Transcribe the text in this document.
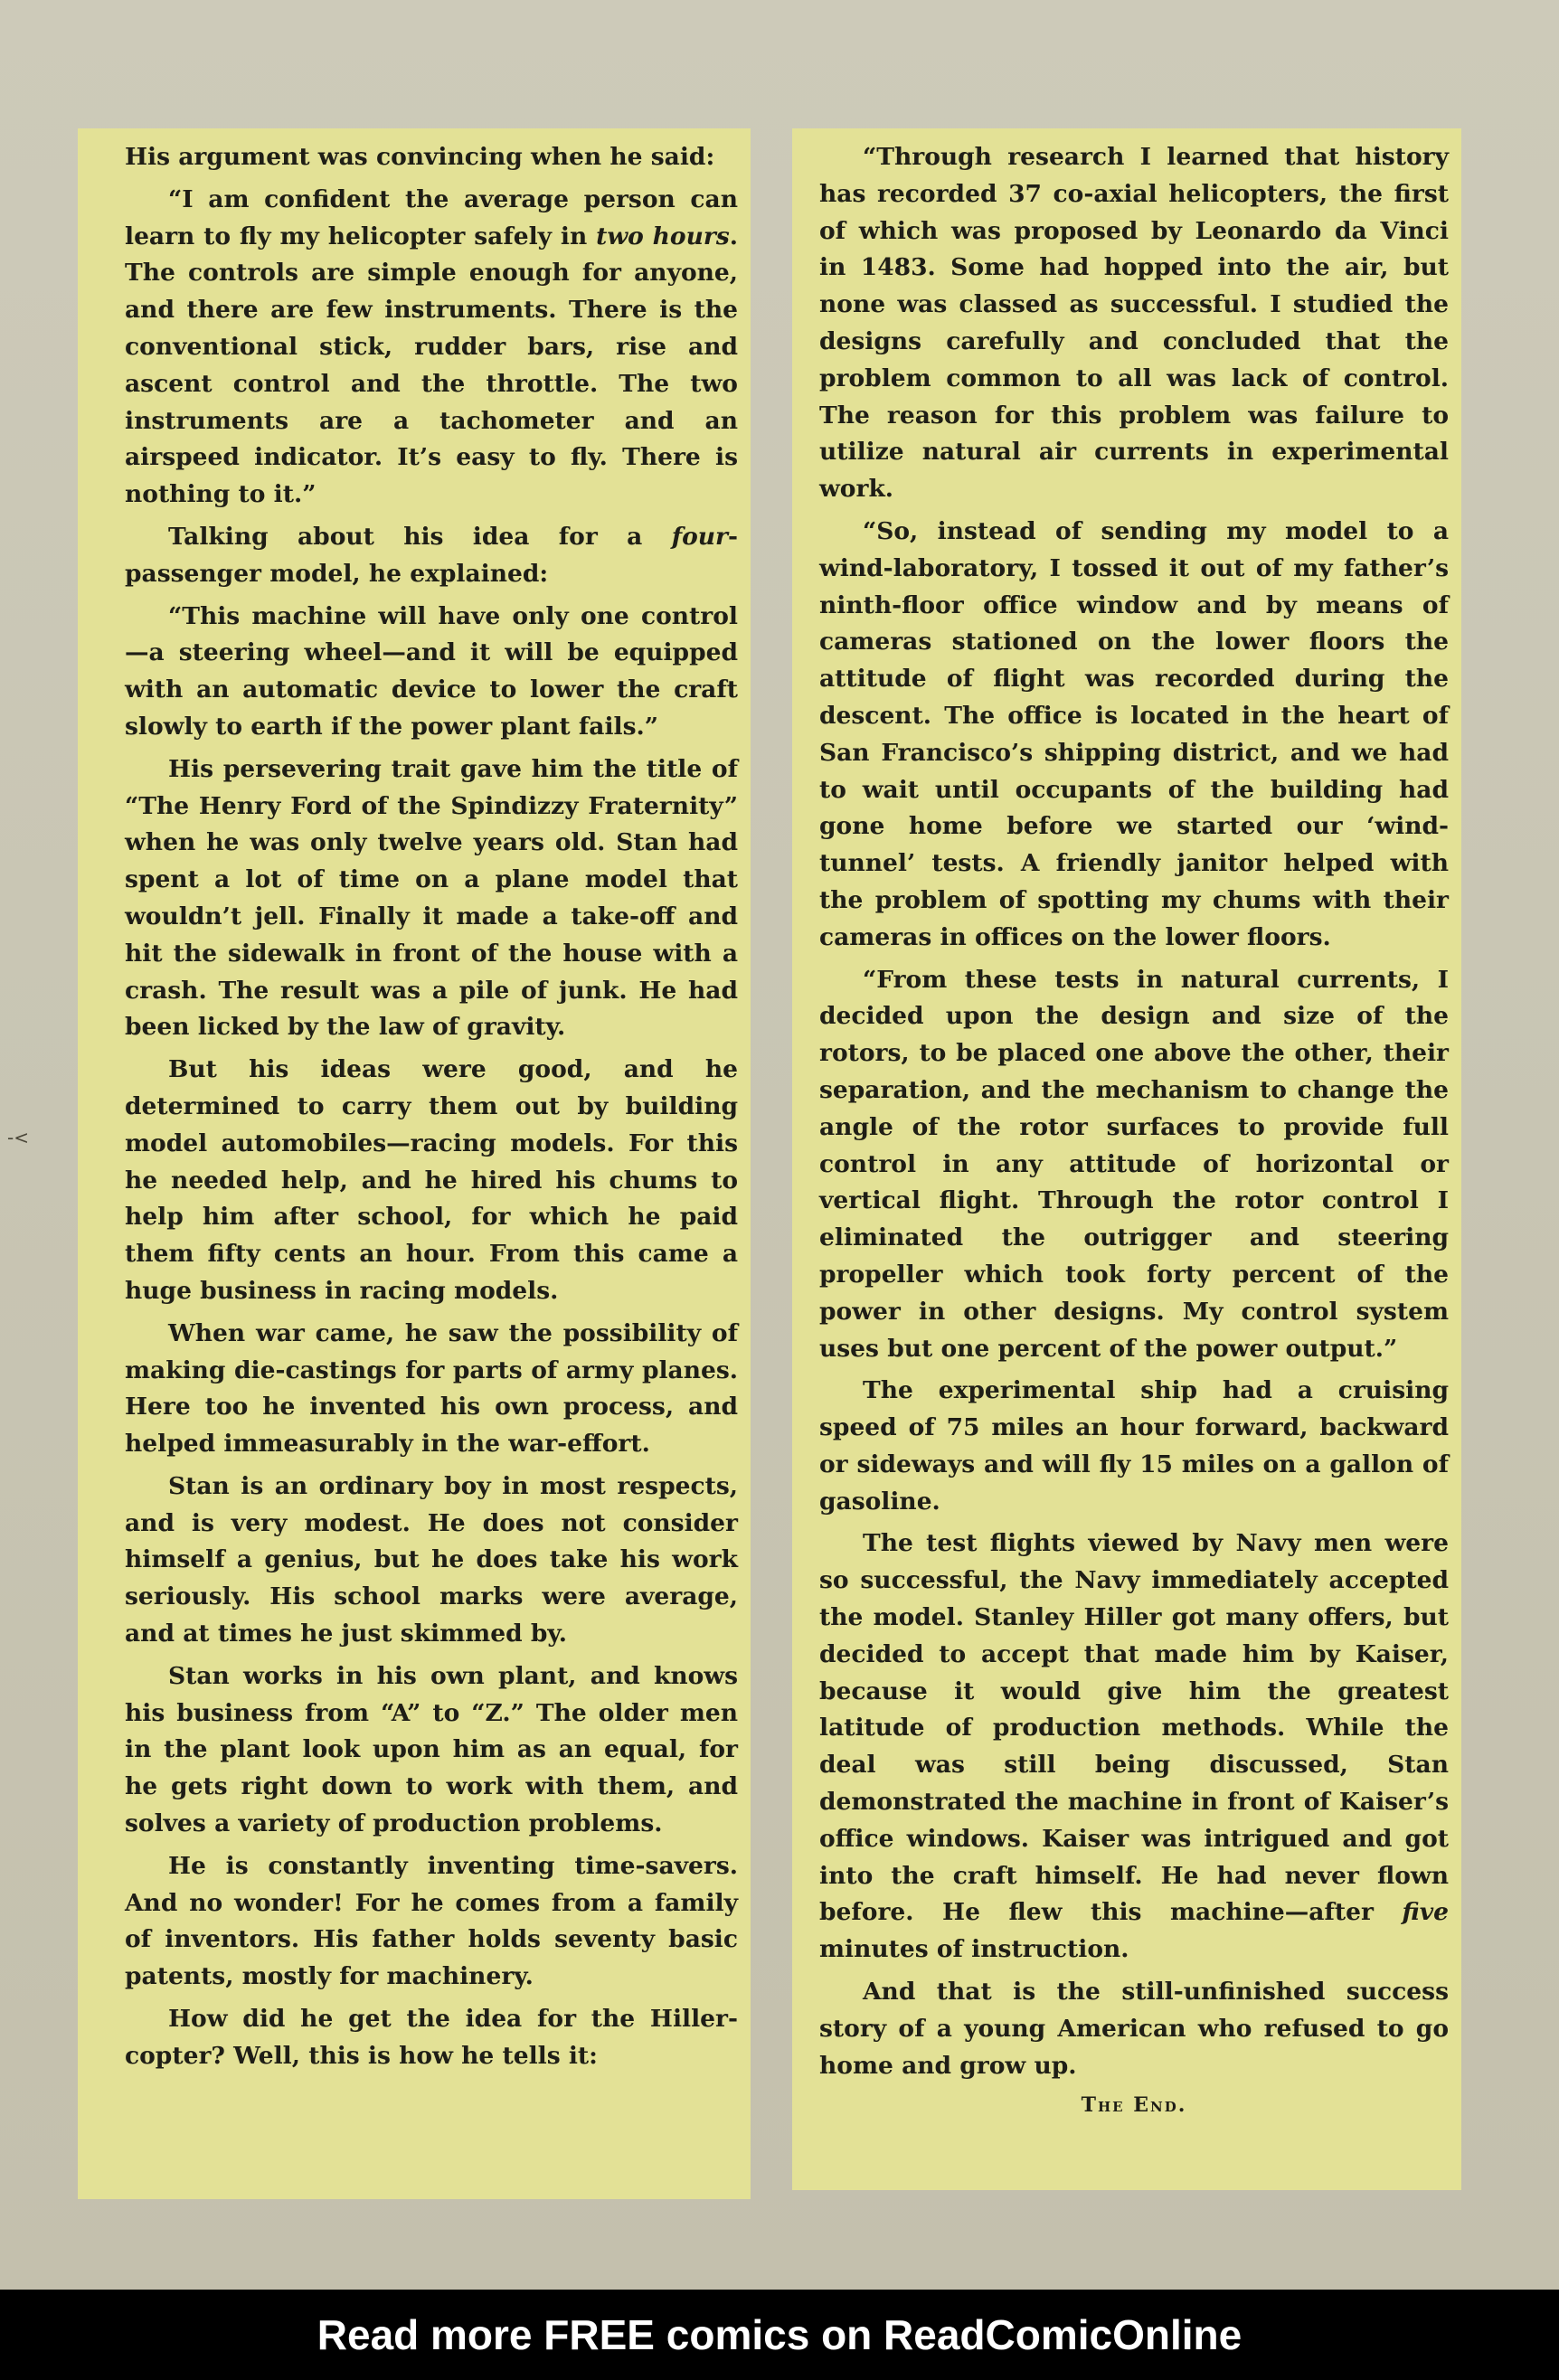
-<

His argument was convincing when he said:

“I am confident the average person can learn to fly my helicopter safely in two hours. The controls are simple enough for anyone, and there are few instruments. There is the conventional stick, rudder bars, rise and ascent control and the throttle. The two instruments are a tachometer and an airspeed indicator. It’s easy to fly. There is nothing to it.”

Talking about his idea for a four-passenger model, he explained:

“This machine will have only one control —a steering wheel—and it will be equipped with an automatic device to lower the craft slowly to earth if the power plant fails.”

His persevering trait gave him the title of “The Henry Ford of the Spindizzy Fraternity” when he was only twelve years old. Stan had spent a lot of time on a plane model that wouldn’t jell. Finally it made a take-off and hit the sidewalk in front of the house with a crash. The result was a pile of junk. He had been licked by the law of gravity.

But his ideas were good, and he determined to carry them out by building model automobiles—racing models. For this he needed help, and he hired his chums to help him after school, for which he paid them fifty cents an hour. From this came a huge business in racing models.

When war came, he saw the possibility of making die-castings for parts of army planes. Here too he invented his own process, and helped immeasurably in the war-effort.

Stan is an ordinary boy in most respects, and is very modest. He does not consider himself a genius, but he does take his work seriously. His school marks were average, and at times he just skimmed by.

Stan works in his own plant, and knows his business from “A” to “Z.” The older men in the plant look upon him as an equal, for he gets right down to work with them, and solves a variety of production problems.

He is constantly inventing time-savers. And no wonder! For he comes from a family of inventors. His father holds seventy basic patents, mostly for machinery.

How did he get the idea for the Hiller-copter? Well, this is how he tells it:

“Through research I learned that history has recorded 37 co-axial helicopters, the first of which was proposed by Leonardo da Vinci in 1483. Some had hopped into the air, but none was classed as successful. I studied the designs carefully and concluded that the problem common to all was lack of control. The reason for this problem was failure to utilize natural air currents in experimental work.

“So, instead of sending my model to a wind-laboratory, I tossed it out of my father’s ninth-floor office window and by means of cameras stationed on the lower floors the attitude of flight was recorded during the descent. The office is located in the heart of San Francisco’s shipping district, and we had to wait until occupants of the building had gone home before we started our ‘wind-tunnel’ tests. A friendly janitor helped with the problem of spotting my chums with their cameras in offices on the lower floors.

“From these tests in natural currents, I decided upon the design and size of the rotors, to be placed one above the other, their separation, and the mechanism to change the angle of the rotor surfaces to provide full control in any attitude of horizontal or vertical flight. Through the rotor control I eliminated the outrigger and steering propeller which took forty percent of the power in other designs. My control system uses but one percent of the power output.”

The experimental ship had a cruising speed of 75 miles an hour forward, backward or sideways and will fly 15 miles on a gallon of gasoline.

The test flights viewed by Navy men were so successful, the Navy immediately accepted the model. Stanley Hiller got many offers, but decided to accept that made him by Kaiser, because it would give him the greatest latitude of production methods. While the deal was still being discussed, Stan demonstrated the machine in front of Kaiser’s office windows. Kaiser was intrigued and got into the craft himself. He had never flown before. He flew this machine—after five minutes of instruction.

And that is the still-unfinished success story of a young American who refused to go home and grow up.

The End.
Read more FREE comics on ReadComicOnline
